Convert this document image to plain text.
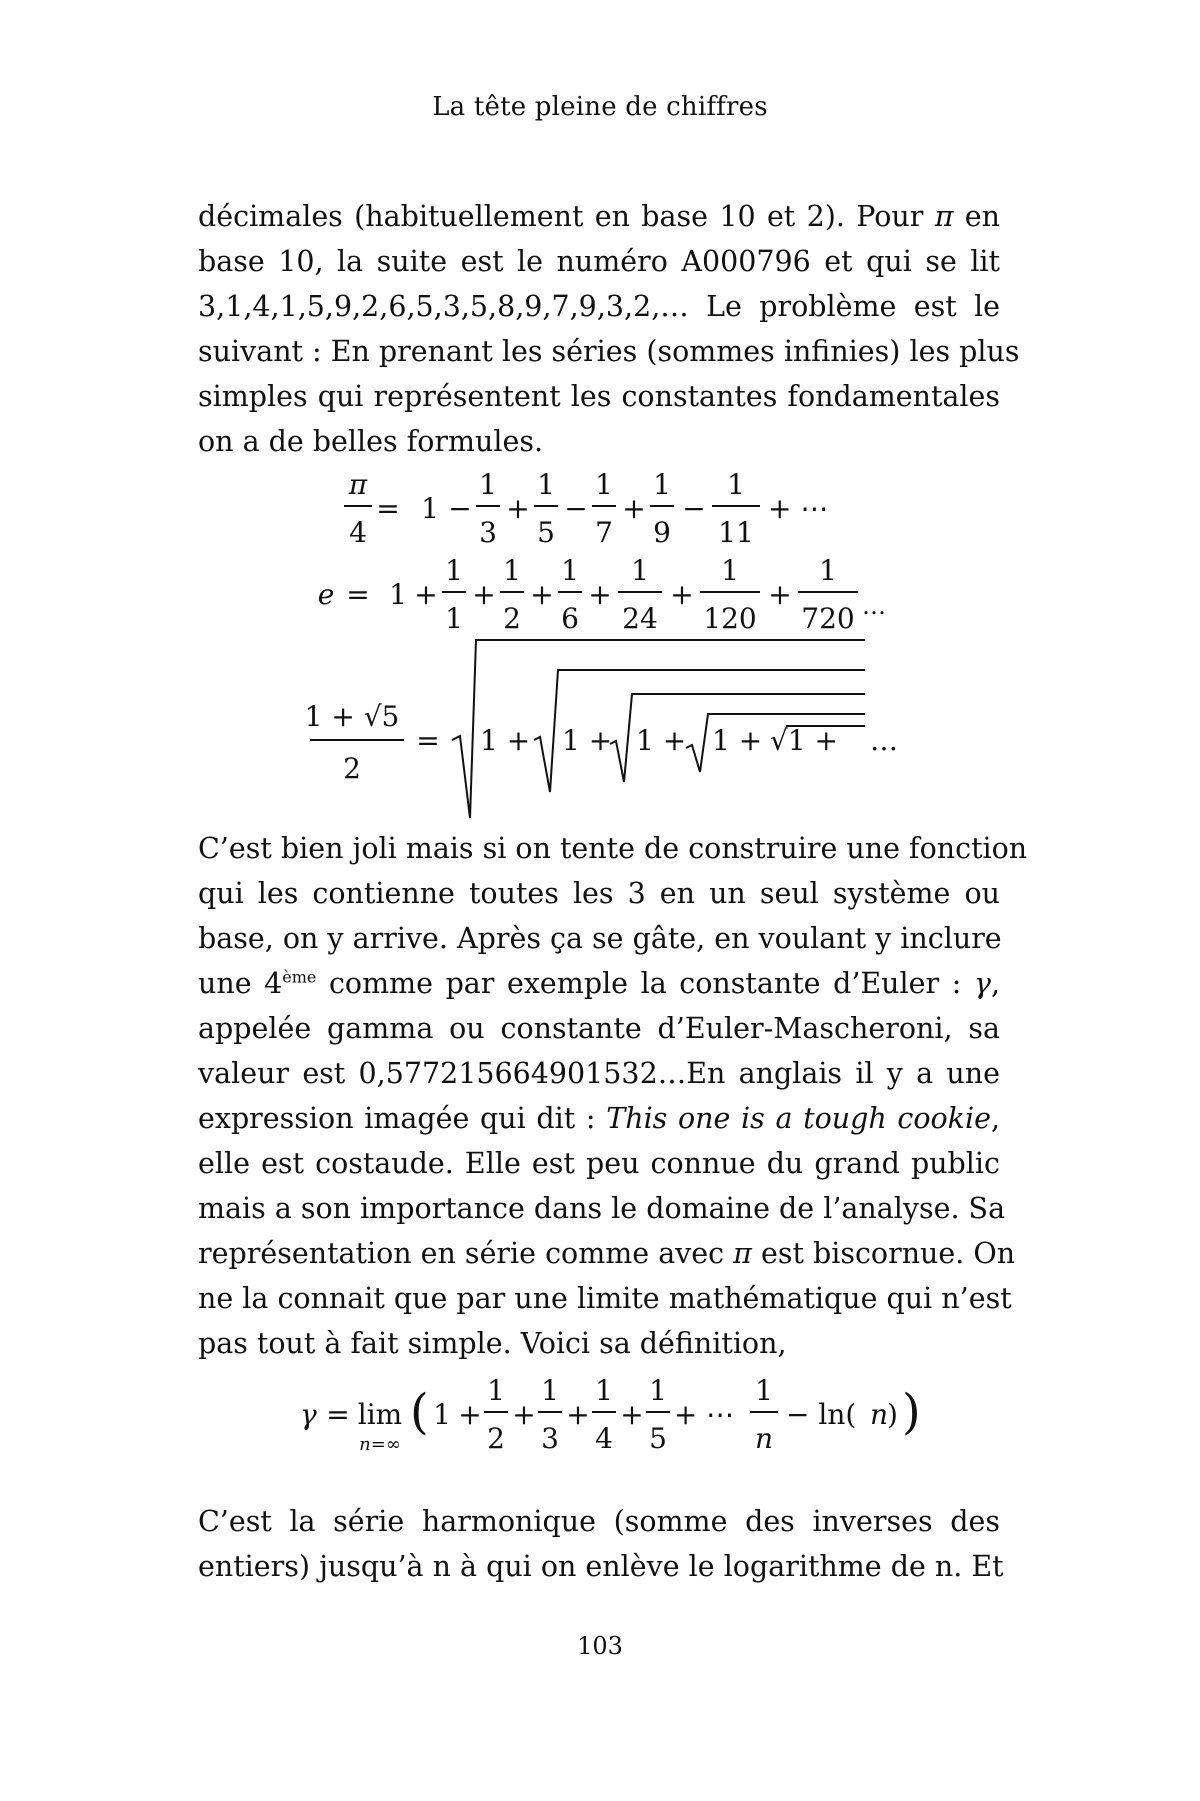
La tête pleine de chiffres
décimales (habituellement en base 10 et 2). Pour π en
base 10, la suite est le numéro A000796 et qui se lit
3,1,4,1,5,9,2,6,5,3,5,8,9,7,9,3,2,… Le problème est le
suivant : En prenant les séries (sommes infinies) les plus
simples qui représentent les constantes fondamentales
on a de belles formules.
π
4
= 1 −
1
3
+
1
5
−
1
7
+
1
9
−
1
11
+ ⋯
e = 1 +
1
1
+
1
2
+
1
6
+
1
24
+
1
120
+
1
720 …
1 + √5
2
= 1 + 1 + 1 + 1 + √1 + …
C’est bien joli mais si on tente de construire une fonction
qui les contienne toutes les 3 en un seul système ou
base, on y arrive. Après ça se gâte, en voulant y inclure
une 4ème comme par exemple la constante d’Euler : γ,
appelée gamma ou constante d’Euler-Mascheroni, sa
valeur est 0,577215664901532…En anglais il y a une
expression imagée qui dit : This one is a tough cookie,
elle est costaude. Elle est peu connue du grand public
mais a son importance dans le domaine de l’analyse. Sa
représentation en série comme avec π est biscornue. On
ne la connait que par une limite mathématique qui n’est
pas tout à fait simple. Voici sa définition,
γ = lim
n=∞
( 1 +
1
2
+
1
3
+
1
4
+
1
5
+ ⋯
1
n
− ln( n
) )
C’est la série harmonique (somme des inverses des
entiers) jusqu’à n à qui on enlève le logarithme de n. Et
103
